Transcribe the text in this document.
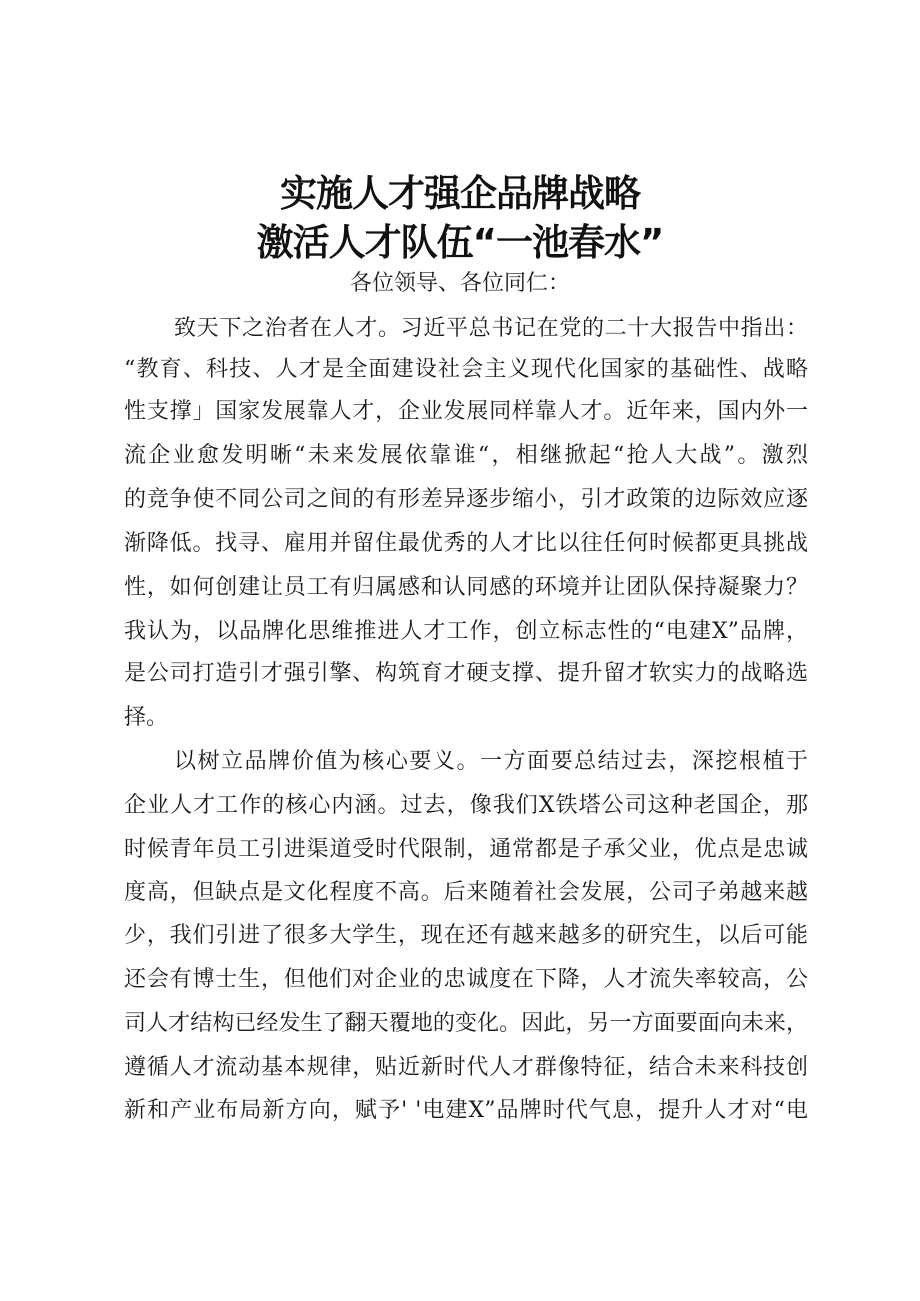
实施人才强企品牌战略
激活人才队伍“一池春水”
各位领导、各位同仁：
致天下之治者在人才。习近平总书记在党的二十大报告中指出：
“教育、科技、人才是全面建设社会主义现代化国家的基础性、战略
性支撑」国家发展靠人才，企业发展同样靠人才。近年来，国内外一
流企业愈发明晰“未来发展依靠谁“，相继掀起“抢人大战”。激烈
的竞争使不同公司之间的有形差异逐步缩小，引才政策的边际效应逐
渐降低。找寻、雇用并留住最优秀的人才比以往任何时候都更具挑战
性，如何创建让员工有归属感和认同感的环境并让团队保持凝聚力？
我认为，以品牌化思维推进人才工作，创立标志性的“电建X”品牌，
是公司打造引才强引擎、构筑育才硬支撑、提升留才软实力的战略选
择。
以树立品牌价值为核心要义。一方面要总结过去，深挖根植于
企业人才工作的核心内涵。过去，像我们X铁塔公司这种老国企，那
时候青年员工引进渠道受时代限制，通常都是子承父业，优点是忠诚
度高，但缺点是文化程度不高。后来随着社会发展，公司子弟越来越
少，我们引进了很多大学生，现在还有越来越多的研究生，以后可能
还会有博士生，但他们对企业的忠诚度在下降，人才流失率较高，公
司人才结构已经发生了翻天覆地的变化。因此，另一方面要面向未来，
遵循人才流动基本规律，贴近新时代人才群像特征，结合未来科技创
新和产业布局新方向，赋予' '电建X”品牌时代气息，提升人才对“电
